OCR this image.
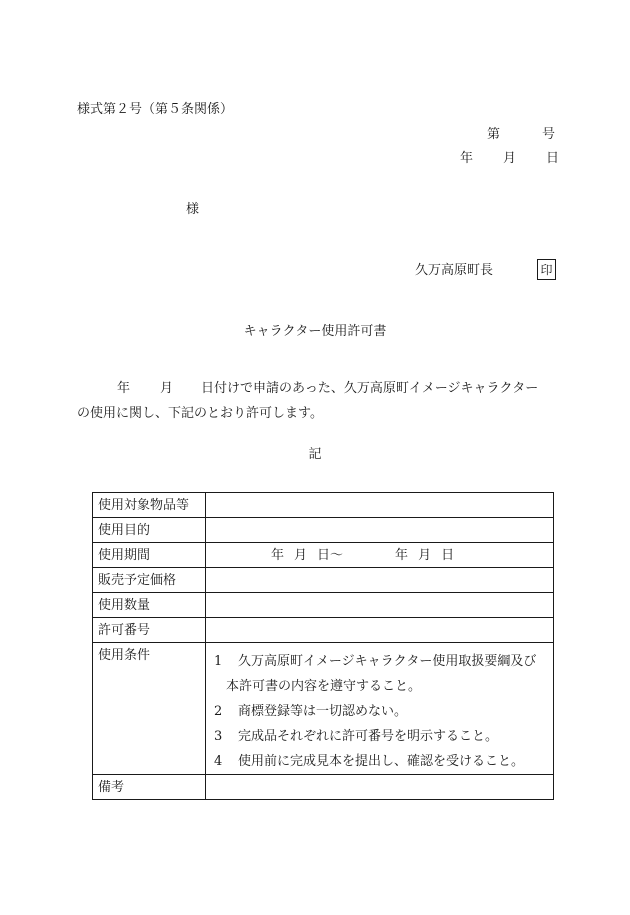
様式第２号（第５条関係）
第	号
年 月 日
様
久万高原町長	印
キャラクター使用許可書
年 月 日付けで申請のあった、久万高原町イメージキャラクター
の使用に関し、下記のとおり許可します。
記
使用対象物品等	
使用目的	
使用期間	年 月 日～ 年 月 日
販売予定価格	
使用数量	
許可番号	
使用条件	1 久万高原町イメージキャラクター使用取扱要綱及び
本許可書の内容を遵守すること。
2 商標登録等は一切認めない。
3 完成品それぞれに許可番号を明示すること。
4 使用前に完成見本を提出し、確認を受けること。

備考	
